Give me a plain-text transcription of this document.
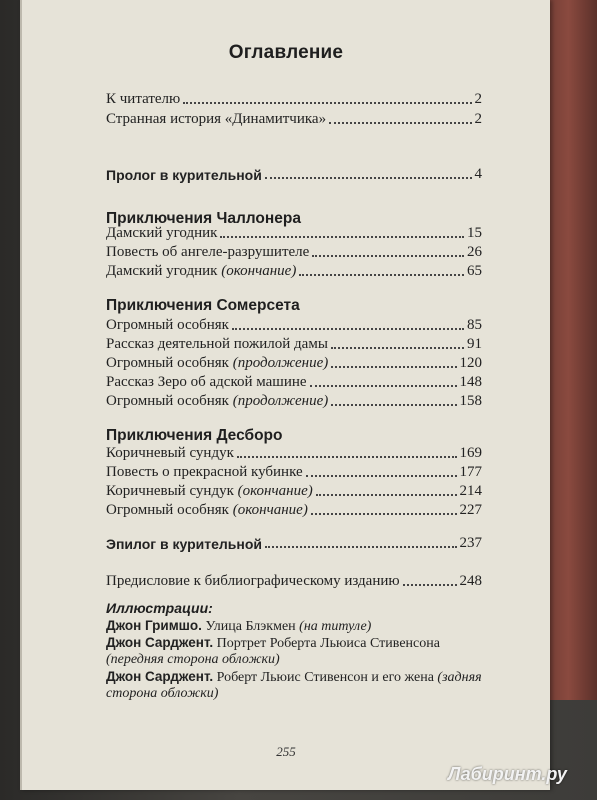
Оглавление
К читателю	2
Странная история «Динамитчика»	2
Пролог в курительной	4
Приключения Чаллонера
Дамский угодник	15
Повесть об ангеле-разрушителе	26
Дамский угодник (окончание)	65
Приключения Сомерсета
Огромный особняк	85
Рассказ деятельной пожилой дамы	91
Огромный особняк (продолжение)	120
Рассказ Зеро об адской машине	148
Огромный особняк (продолжение)	158
Приключения Десборо
Коричневый сундук	169
Повесть о прекрасной кубинке	177
Коричневый сундук (окончание)	214
Огромный особняк (окончание)	227
Эпилог в курительной	237
Предисловие к библиографическому изданию	248
Иллюстрации:
Джон Гримшо. Улица Блэкмен (на титуле)
Джон Сарджент. Портрет Роберта Льюиса Стивенсона
(передняя сторона обложки)
Джон Сарджент. Роберт Льюис Стивенсон и его жена (задняя
сторона обложки)
255
Лабиринт.ру
